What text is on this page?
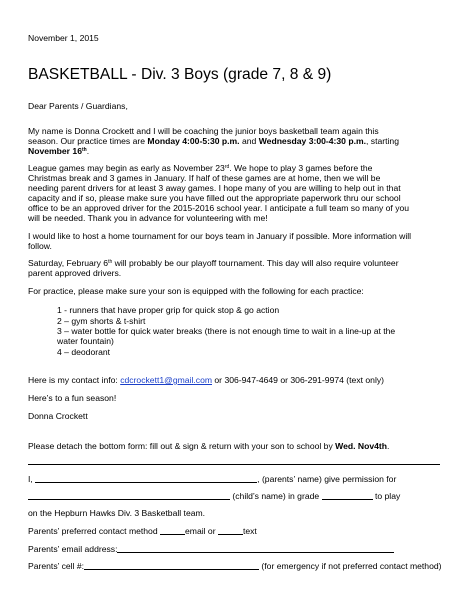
November 1, 2015
BASKETBALL - Div. 3 Boys (grade 7, 8 & 9)
Dear Parents / Guardians,
My name is Donna Crockett and I will be coaching the junior boys basketball team again this
season. Our practice times are Monday 4:00-5:30 p.m. and Wednesday 3:00-4:30 p.m., starting
November 16th.
League games may begin as early as November 23rd. We hope to play 3 games before the
Christmas break and 3 games in January. If half of these games are at home, then we will be
needing parent drivers for at least 3 away games. I hope many of you are willing to help out in that
capacity and if so, please make sure you have filled out the appropriate paperwork thru our school
office to be an approved driver for the 2015-2016 school year. I anticipate a full team so many of you
will be needed. Thank you in advance for volunteering with me!
I would like to host a home tournament for our boys team in January if possible. More information will
follow.
Saturday, February 6th will probably be our playoff tournament. This day will also require volunteer
parent approved drivers.
For practice, please make sure your son is equipped with the following for each practice:
1 - runners that have proper grip for quick stop & go action
2 – gym shorts & t-shirt
3 – water bottle for quick water breaks (there is not enough time to wait in a line-up at the
water fountain)
4 – deodorant
Here is my contact info: cdcrockett1@gmail.com or 306-947-4649 or 306-291-9974 (text only)
Here’s to a fun season!
Donna Crockett
Please detach the bottom form: fill out & sign & return with your son to school by Wed. Nov4th.
I,	, (parents’ name) give permission for
(child’s name) in grade	to play
on the Hepburn Hawks Div. 3 Basketball team.
Parents’ preferred contact method	email or	text
Parents’ email address:
Parents’ cell #:	(for emergency if not preferred contact method)
